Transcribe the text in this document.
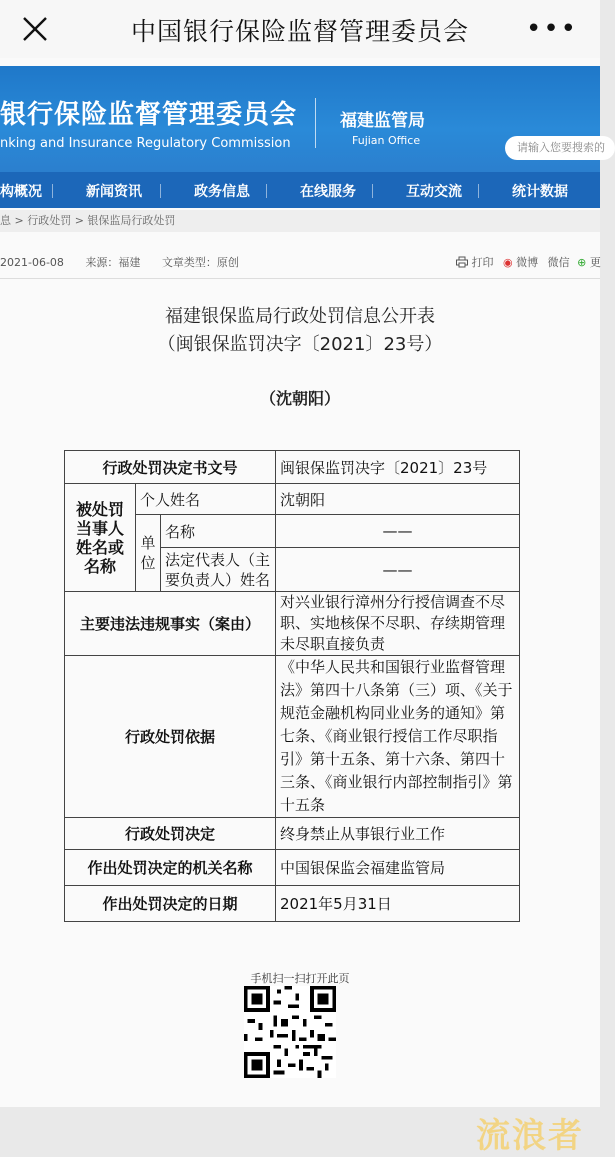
中国银行保险监督管理委员会	•••
银行保险监督管理委员会
nking and Insurance Regulatory Commission
福建监管局
Fujian Office
请输入您要搜索的
构概况	新闻资讯	政务信息	在线服务	互动交流	统计数据
息 > 行政处罚 > 银保监局行政处罚
2021-06-08 来源：福建 文章类型：原创	打印 ◉ 微博 微信 ⊕ 更
福建银保监局行政处罚信息公开表
（闽银保监罚决字〔2021〕23号）
（沈朝阳）
行政处罚决定书文号			闽银保监罚决字〔2021〕23号
被处罚当事人姓名或名称	个人姓名		沈朝阳
	单位	名称	——
		法定代表人（主要负责人）姓名	——
主要违法违规事实（案由）			对兴业银行漳州分行授信调查不尽职、实地核保不尽职、存续期管理未尽职直接负责
行政处罚依据			《中华人民共和国银行业监督管理法》第四十八条第（三）项、《关于规范金融机构同业业务的通知》第七条、《商业银行授信工作尽职指引》第十五条、第十六条、第四十三条、《商业银行内部控制指引》第十五条
行政处罚决定			终身禁止从事银行业工作
作出处罚决定的机关名称			中国银保监会福建监管局
作出处罚决定的日期			2021年5月31日
手机扫一扫打开此页
流浪者
